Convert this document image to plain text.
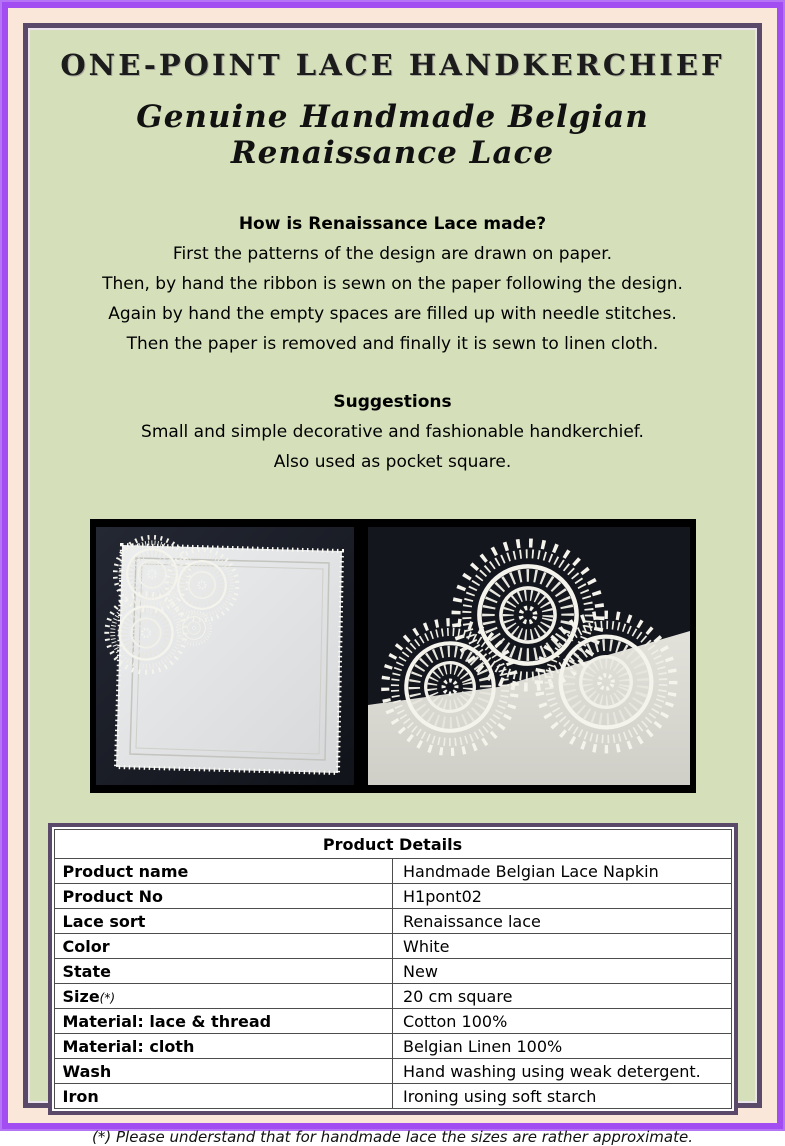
ONE-POINT LACE HANDKERCHIEF
Genuine Handmade Belgian Renaissance Lace

How is Renaissance Lace made?

First the patterns of the design are drawn on paper.

Then, by hand the ribbon is sewn on the paper following the design.

Again by hand the empty spaces are filled up with needle stitches.

Then the paper is removed and finally it is sewn to linen cloth.

Suggestions

Small and simple decorative and fashionable handkerchief.

Also used as pocket square.

Product Details	
Product name	Handmade Belgian Lace Napkin
Product No	H1pont02
Lace sort	Renaissance lace
Color	White
State	New
Size(*)	20 cm square
Material: lace & thread	Cotton 100%
Material: cloth	Belgian Linen 100%
Wash	Hand washing using weak detergent.
Iron	Ironing using soft starch

(*) Please understand that for handmade lace the sizes are rather approximate.
